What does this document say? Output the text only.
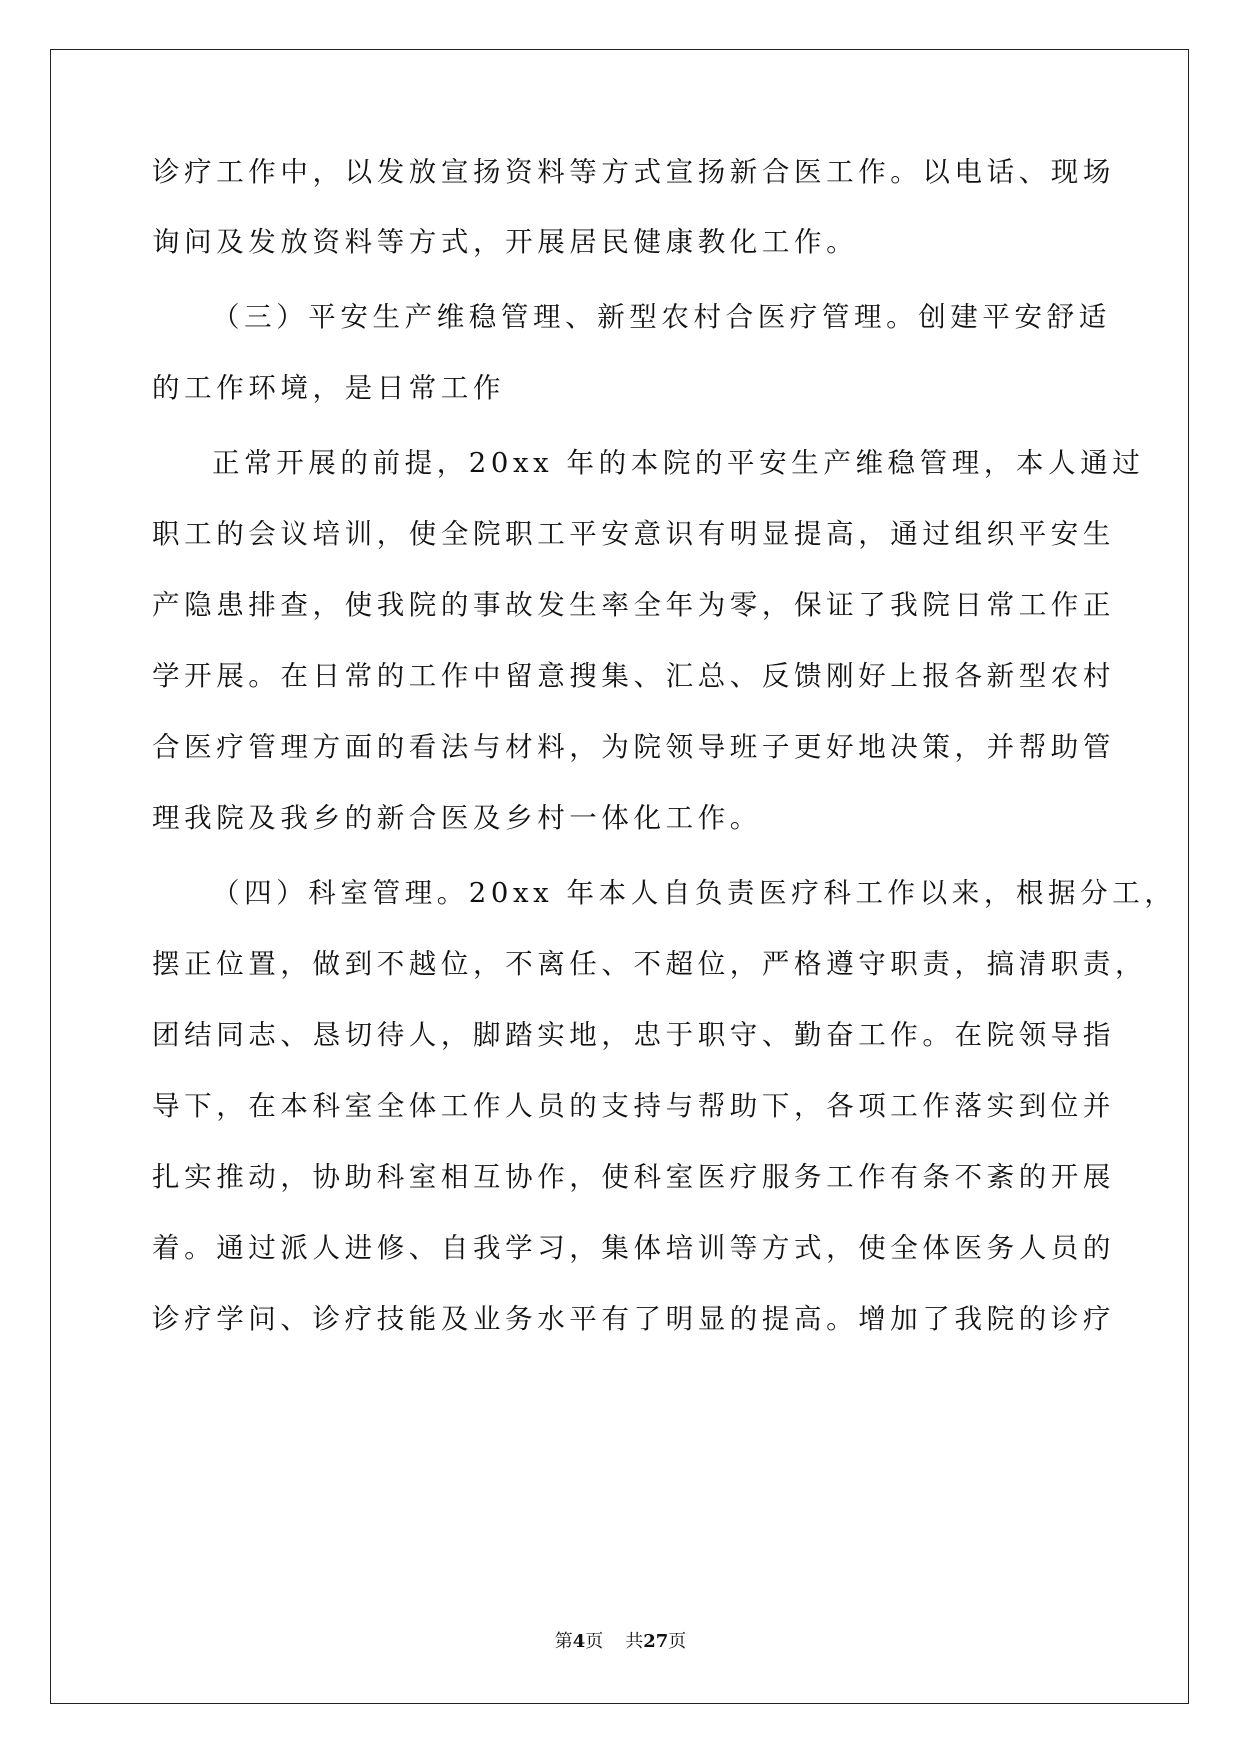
诊疗工作中，以发放宣扬资料等方式宣扬新合医工作。以电话、现场
询问及发放资料等方式，开展居民健康教化工作。
（三）平安生产维稳管理、新型农村合医疗管理。创建平安舒适
的工作环境，是日常工作
正常开展的前提，20xx 年的本院的平安生产维稳管理，本人通过
职工的会议培训，使全院职工平安意识有明显提高，通过组织平安生
产隐患排查，使我院的事故发生率全年为零，保证了我院日常工作正
学开展。在日常的工作中留意搜集、汇总、反馈刚好上报各新型农村
合医疗管理方面的看法与材料，为院领导班子更好地决策，并帮助管
理我院及我乡的新合医及乡村一体化工作。
（四）科室管理。20xx 年本人自负责医疗科工作以来，根据分工，
摆正位置，做到不越位，不离任、不超位，严格遵守职责，搞清职责，
团结同志、恳切待人，脚踏实地，忠于职守、勤奋工作。在院领导指
导下，在本科室全体工作人员的支持与帮助下，各项工作落实到位并
扎实推动，协助科室相互协作，使科室医疗服务工作有条不紊的开展
着。通过派人进修、自我学习，集体培训等方式，使全体医务人员的
诊疗学问、诊疗技能及业务水平有了明显的提高。增加了我院的诊疗
第4页 共27页
